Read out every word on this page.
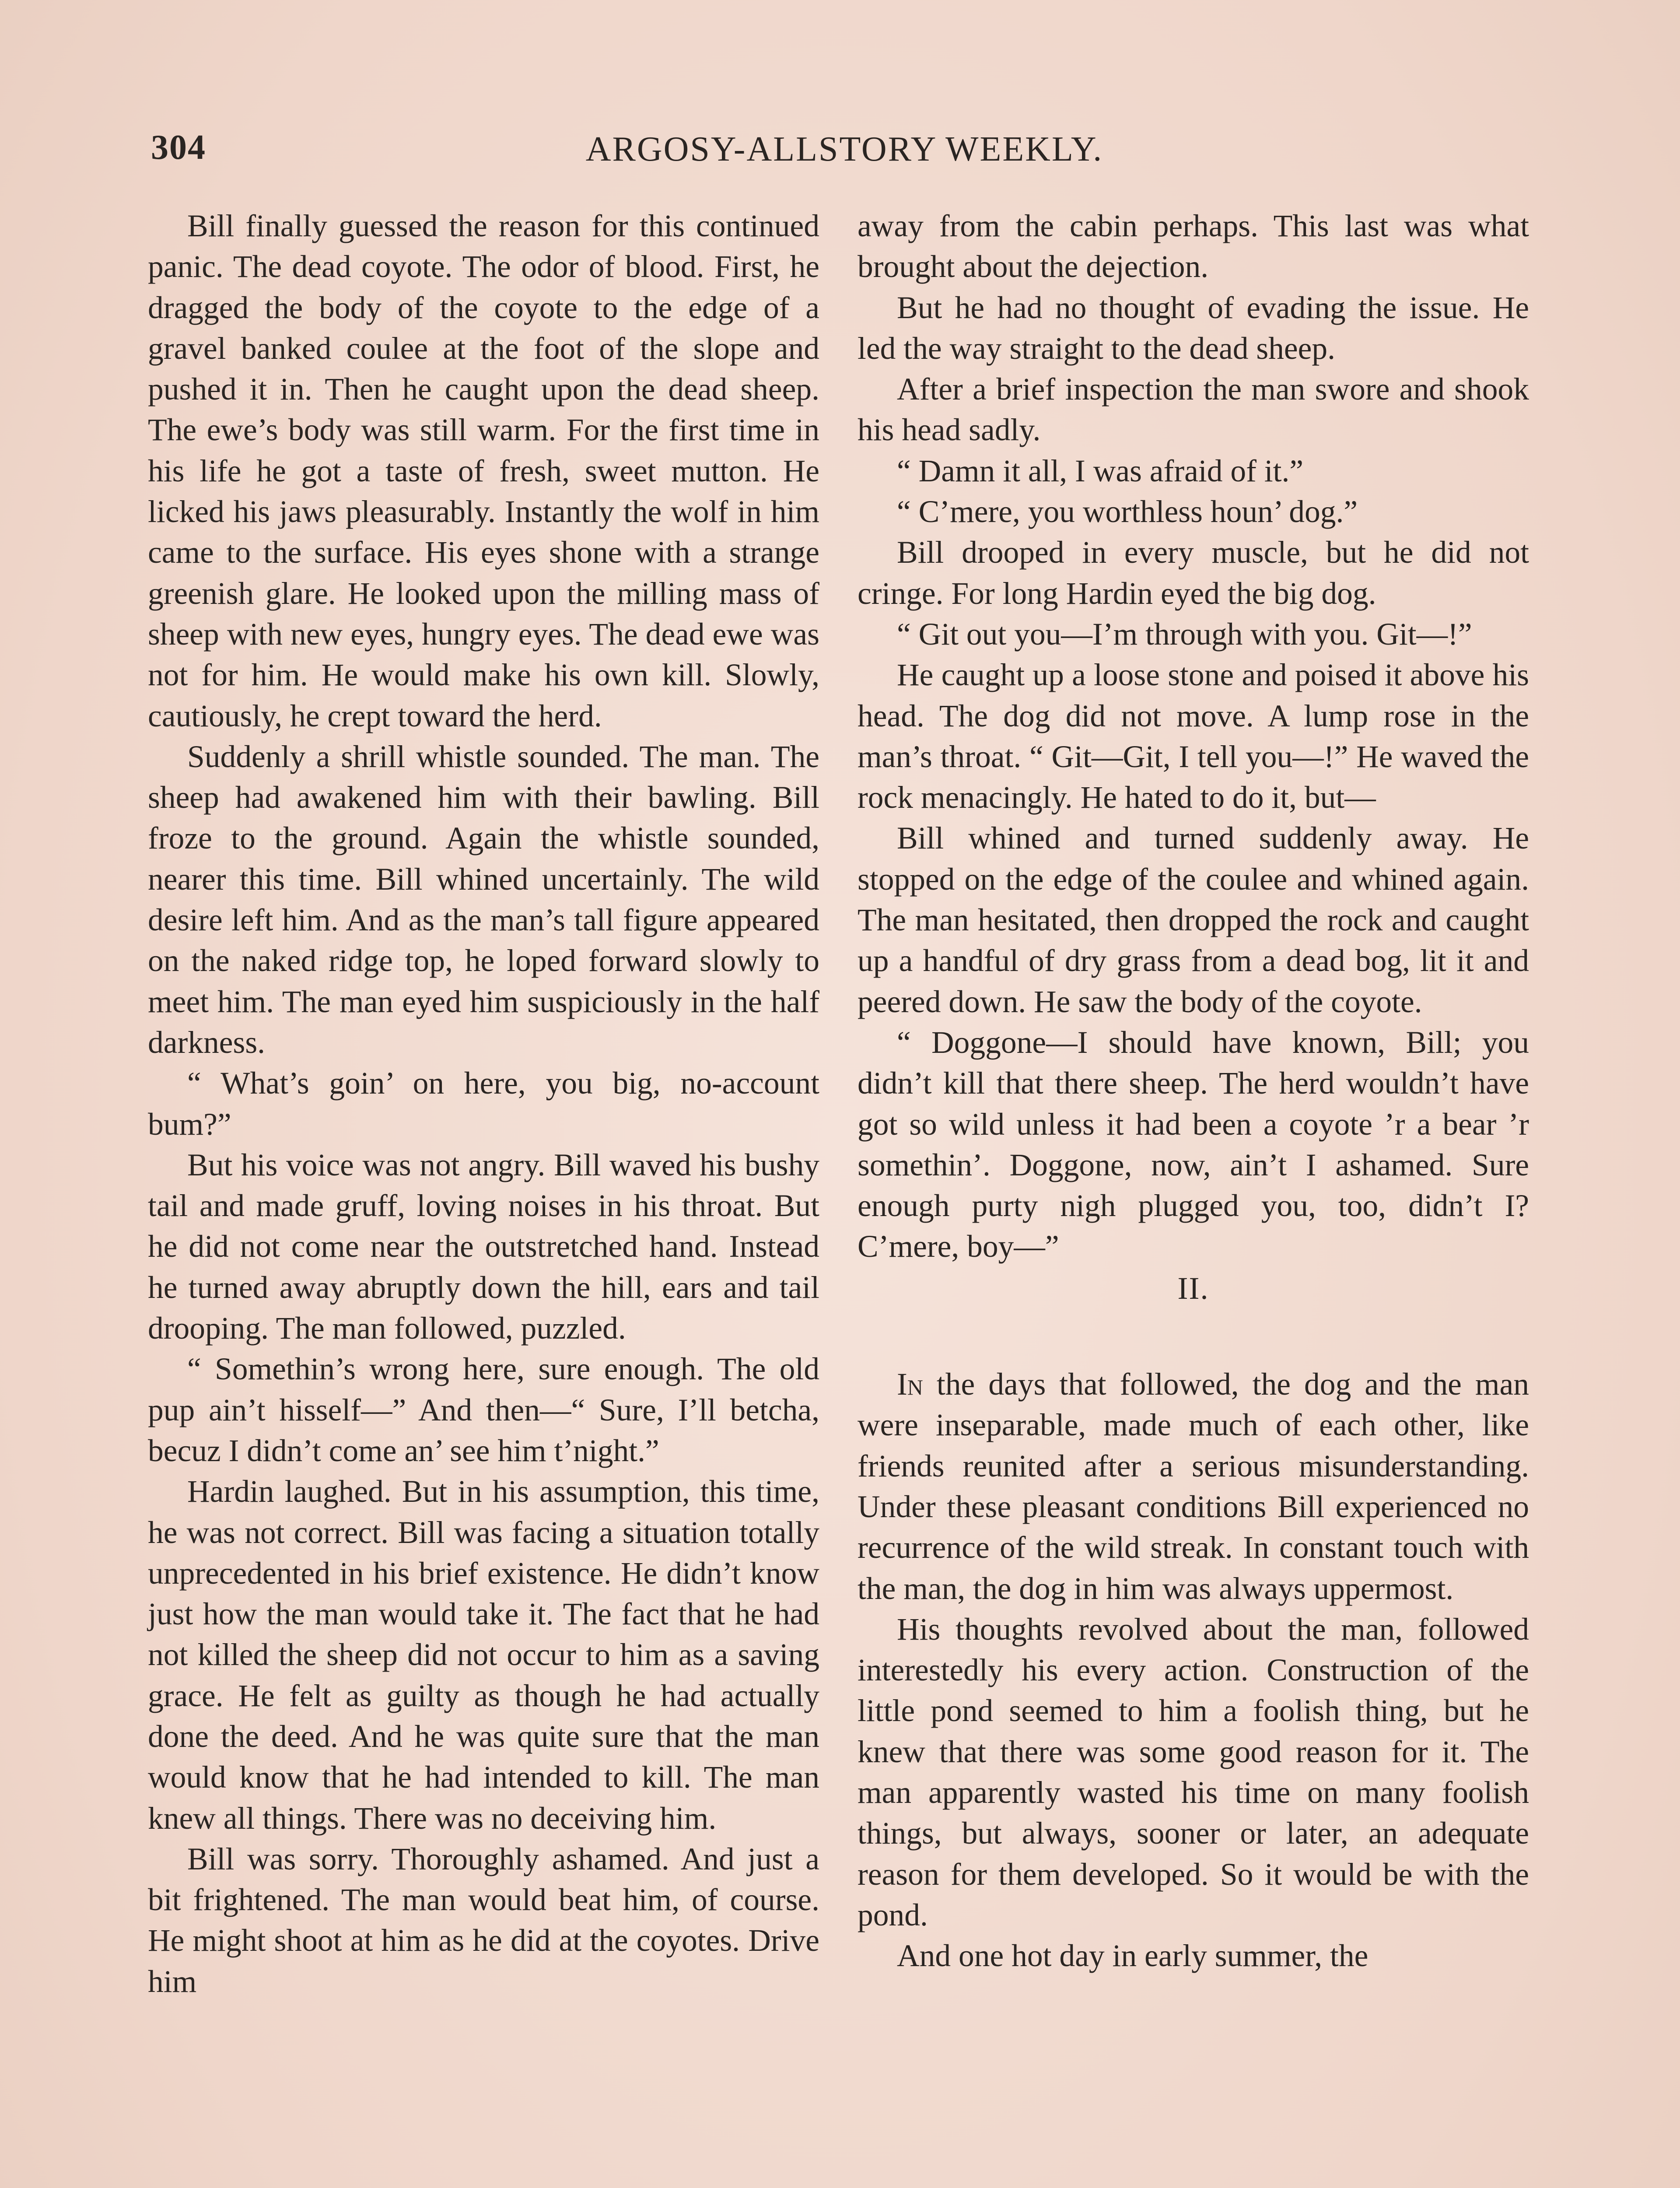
304	ARGOSY-ALLSTORY WEEKLY.

Bill finally guessed the reason for this continued panic. The dead coyote. The odor of blood. First, he dragged the body of the coyote to the edge of a gravel banked coulee at the foot of the slope and pushed it in. Then he caught upon the dead sheep. The ewe’s body was still warm. For the first time in his life he got a taste of fresh, sweet mutton. He licked his jaws pleasurably. Instantly the wolf in him came to the surface. His eyes shone with a strange greenish glare. He looked upon the milling mass of sheep with new eyes, hungry eyes. The dead ewe was not for him. He would make his own kill. Slowly, cautiously, he crept toward the herd.

Suddenly a shrill whistle sounded. The man. The sheep had awakened him with their bawling. Bill froze to the ground. Again the whistle sounded, nearer this time. Bill whined uncertainly. The wild desire left him. And as the man’s tall figure appeared on the naked ridge top, he loped forward slowly to meet him. The man eyed him suspiciously in the half darkness.

“ What’s goin’ on here, you big, no-account bum?”

But his voice was not angry. Bill waved his bushy tail and made gruff, loving noises in his throat. But he did not come near the outstretched hand. Instead he turned away abruptly down the hill, ears and tail drooping. The man followed, puzzled.

“ Somethin’s wrong here, sure enough. The old pup ain’t hisself—” And then—“ Sure, I’ll betcha, becuz I didn’t come an’ see him t’night.”

Hardin laughed. But in his assumption, this time, he was not correct. Bill was facing a situation totally unprecedented in his brief existence. He didn’t know just how the man would take it. The fact that he had not killed the sheep did not occur to him as a saving grace. He felt as guilty as though he had actually done the deed. And he was quite sure that the man would know that he had intended to kill. The man knew all things. There was no deceiving him.

Bill was sorry. Thoroughly ashamed. And just a bit frightened. The man would beat him, of course. He might shoot at him as he did at the coyotes. Drive him

away from the cabin perhaps. This last was what brought about the dejection.

But he had no thought of evading the issue. He led the way straight to the dead sheep.

After a brief inspection the man swore and shook his head sadly.

“ Damn it all, I was afraid of it.”

“ C’mere, you worthless houn’ dog.”

Bill drooped in every muscle, but he did not cringe. For long Hardin eyed the big dog.

“ Git out you—I’m through with you. Git—!”

He caught up a loose stone and poised it above his head. The dog did not move. A lump rose in the man’s throat. “ Git—Git, I tell you—!” He waved the rock menacingly. He hated to do it, but—

Bill whined and turned suddenly away. He stopped on the edge of the coulee and whined again. The man hesitated, then dropped the rock and caught up a handful of dry grass from a dead bog, lit it and peered down. He saw the body of the coyote.

“ Doggone—I should have known, Bill; you didn’t kill that there sheep. The herd wouldn’t have got so wild unless it had been a coyote ’r a bear ’r somethin’. Doggone, now, ain’t I ashamed. Sure enough purty nigh plugged you, too, didn’t I? C’mere, boy—”

II.

In the days that followed, the dog and the man were inseparable, made much of each other, like friends reunited after a serious misunderstanding. Under these pleasant conditions Bill experienced no recurrence of the wild streak. In constant touch with the man, the dog in him was always uppermost.

His thoughts revolved about the man, followed interestedly his every action. Construction of the little pond seemed to him a foolish thing, but he knew that there was some good reason for it. The man apparently wasted his time on many foolish things, but always, sooner or later, an adequate reason for them developed. So it would be with the pond.

And one hot day in early summer, the
